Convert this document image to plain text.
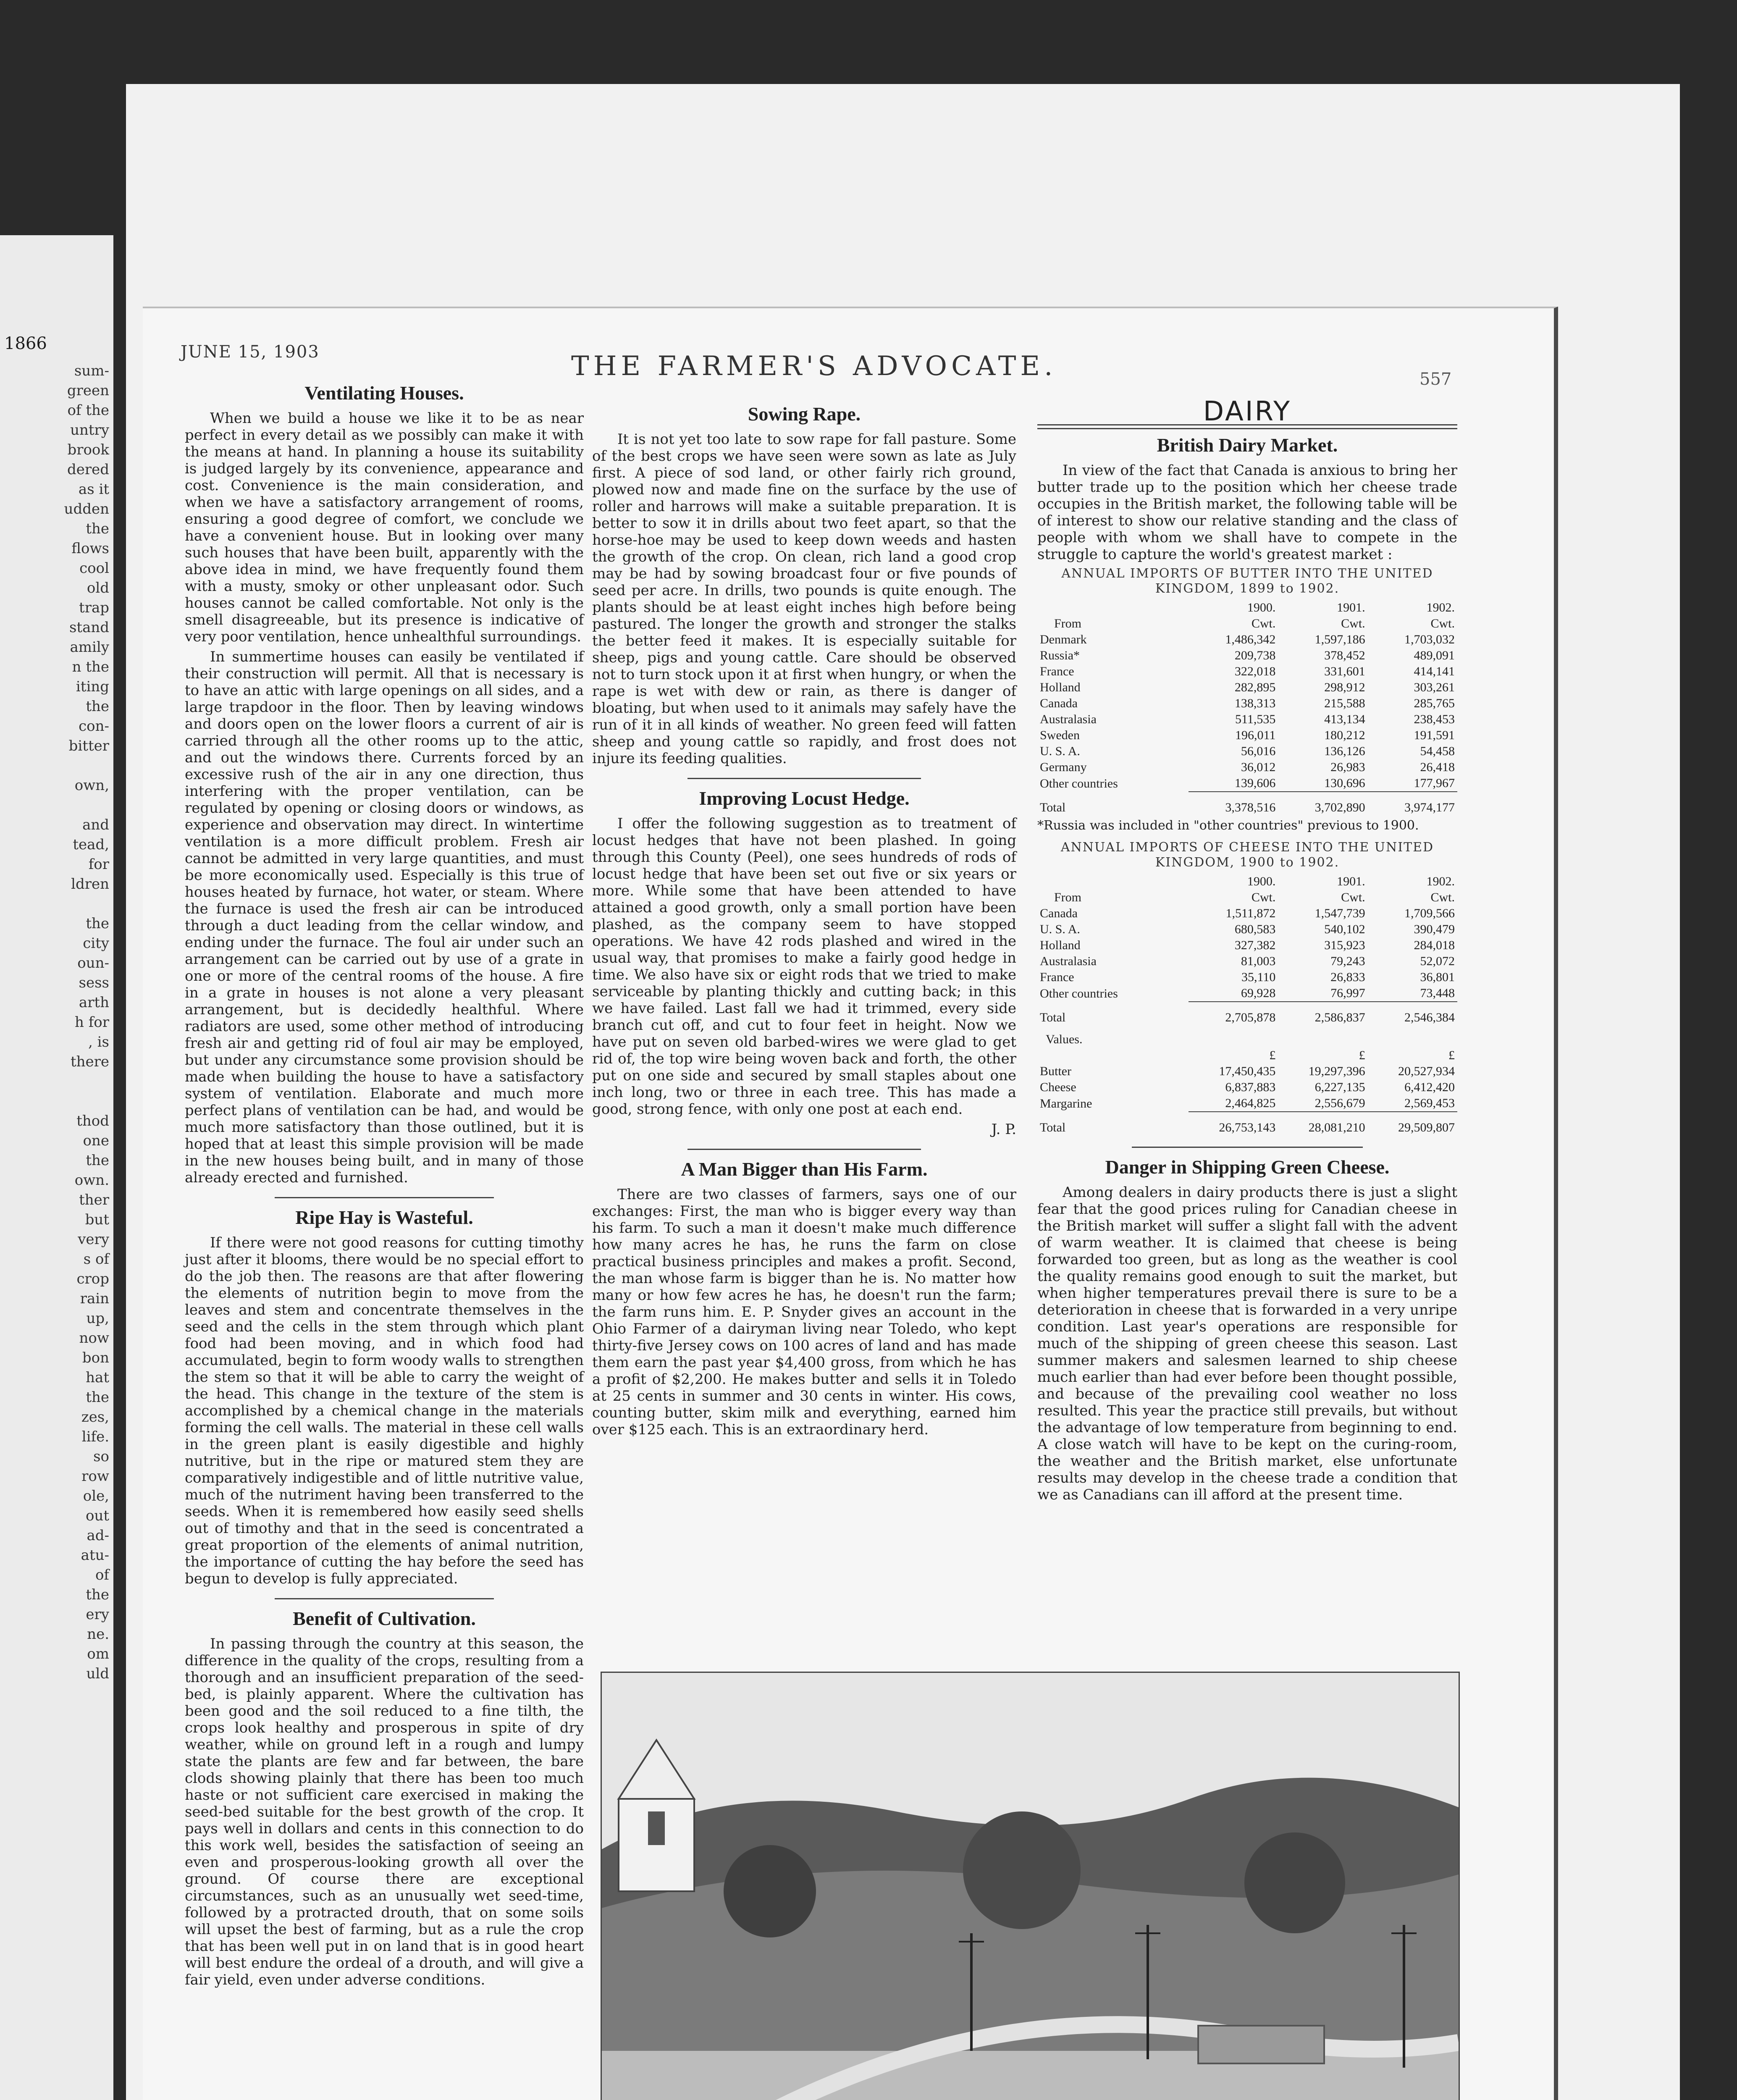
1866
sum-
green
of the
untry
brook
dered
as it
udden
the
flows
cool
old
trap
stand
amily
n the
iting
the
con-
bitter
own,
and
tead,
for
ldren
the
city
oun-
sess
arth
h for
, is
there
thod
one
the
own.
ther
but
very
s of
crop
rain
up,
now
bon
hat
the
zes,
life.
so
row
ole,
out
ad-
atu-
of
the
ery
ne.
om
uld
JUNE 15, 1903	THE FARMER'S ADVOCATE.	557
Ventilating Houses.

When we build a house we like it to be as near perfect in every detail as we possibly can make it with the means at hand. In planning a house its suitability is judged largely by its convenience, appearance and cost. Convenience is the main consideration, and when we have a satisfactory arrangement of rooms, ensuring a good degree of comfort, we conclude we have a convenient house. But in looking over many such houses that have been built, apparently with the above idea in mind, we have frequently found them with a musty, smoky or other unpleasant odor. Such houses cannot be called comfortable. Not only is the smell disagreeable, but its presence is indicative of very poor ventilation, hence unhealthful surroundings.

In summertime houses can easily be ventilated if their construction will permit. All that is necessary is to have an attic with large openings on all sides, and a large trapdoor in the floor. Then by leaving windows and doors open on the lower floors a current of air is carried through all the other rooms up to the attic, and out the windows there. Currents forced by an excessive rush of the air in any one direction, thus interfering with the proper ventilation, can be regulated by opening or closing doors or windows, as experience and observation may direct. In wintertime ventilation is a more difficult problem. Fresh air cannot be admitted in very large quantities, and must be more economically used. Especially is this true of houses heated by furnace, hot water, or steam. Where the furnace is used the fresh air can be introduced through a duct leading from the cellar window, and ending under the furnace. The foul air under such an arrangement can be carried out by use of a grate in one or more of the central rooms of the house. A fire in a grate in houses is not alone a very pleasant arrangement, but is decidedly healthful. Where radiators are used, some other method of introducing fresh air and getting rid of foul air may be employed, but under any circumstance some provision should be made when building the house to have a satisfactory system of ventilation. Elaborate and much more perfect plans of ventilation can be had, and would be much more satisfactory than those outlined, but it is hoped that at least this simple provision will be made in the new houses being built, and in many of those already erected and furnished.

Ripe Hay is Wasteful.

If there were not good reasons for cutting timothy just after it blooms, there would be no special effort to do the job then. The reasons are that after flowering the elements of nutrition begin to move from the leaves and stem and concentrate themselves in the seed and the cells in the stem through which plant food had been moving, and in which food had accumulated, begin to form woody walls to strengthen the stem so that it will be able to carry the weight of the head. This change in the texture of the stem is accomplished by a chemical change in the materials forming the cell walls. The material in these cell walls in the green plant is easily digestible and highly nutritive, but in the ripe or matured stem they are comparatively indigestible and of little nutritive value, much of the nutriment having been transferred to the seeds. When it is remembered how easily seed shells out of timothy and that in the seed is concentrated a great proportion of the elements of animal nutrition, the importance of cutting the hay before the seed has begun to develop is fully appreciated.

Benefit of Cultivation.

In passing through the country at this season, the difference in the quality of the crops, resulting from a thorough and an insufficient preparation of the seed-bed, is plainly apparent. Where the cultivation has been good and the soil reduced to a fine tilth, the crops look healthy and prosperous in spite of dry weather, while on ground left in a rough and lumpy state the plants are few and far between, the bare clods showing plainly that there has been too much haste or not sufficient care exercised in making the seed-bed suitable for the best growth of the crop. It pays well in dollars and cents in this connection to do this work well, besides the satisfaction of seeing an even and prosperous-looking growth all over the ground. Of course there are exceptional circumstances, such as an unusually wet seed-time, followed by a protracted drouth, that on some soils will upset the best of farming, but as a rule the crop that has been well put in on land that is in good heart will best endure the ordeal of a drouth, and will give a fair yield, even under adverse conditions.

Sowing Rape.

It is not yet too late to sow rape for fall pasture. Some of the best crops we have seen were sown as late as July first. A piece of sod land, or other fairly rich ground, plowed now and made fine on the surface by the use of roller and harrows will make a suitable preparation. It is better to sow it in drills about two feet apart, so that the horse-hoe may be used to keep down weeds and hasten the growth of the crop. On clean, rich land a good crop may be had by sowing broadcast four or five pounds of seed per acre. In drills, two pounds is quite enough. The plants should be at least eight inches high before being pastured. The longer the growth and stronger the stalks the better feed it makes. It is especially suitable for sheep, pigs and young cattle. Care should be observed not to turn stock upon it at first when hungry, or when the rape is wet with dew or rain, as there is danger of bloating, but when used to it animals may safely have the run of it in all kinds of weather. No green feed will fatten sheep and young cattle so rapidly, and frost does not injure its feeding qualities.

Improving Locust Hedge.

I offer the following suggestion as to treatment of locust hedges that have not been plashed. In going through this County (Peel), one sees hundreds of rods of locust hedge that have been set out five or six years or more. While some that have been attended to have attained a good growth, only a small portion have been plashed, as the company seem to have stopped operations. We have 42 rods plashed and wired in the usual way, that promises to make a fairly good hedge in time. We also have six or eight rods that we tried to make serviceable by planting thickly and cutting back; in this we have failed. Last fall we had it trimmed, every side branch cut off, and cut to four feet in height. Now we have put on seven old barbed-wires we were glad to get rid of, the top wire being woven back and forth, the other put on one side and secured by small staples about one inch long, two or three in each tree. This has made a good, strong fence, with only one post at each end.

J. P.
A Man Bigger than His Farm.

There are two classes of farmers, says one of our exchanges: First, the man who is bigger every way than his farm. To such a man it doesn't make much difference how many acres he has, he runs the farm on close practical business principles and makes a profit. Second, the man whose farm is bigger than he is. No matter how many or how few acres he has, he doesn't run the farm; the farm runs him. E. P. Snyder gives an account in the Ohio Farmer of a dairyman living near Toledo, who kept thirty-five Jersey cows on 100 acres of land and has made them earn the past year $4,400 gross, from which he has a profit of $2,200. He makes butter and sells it in Toledo at 25 cents in summer and 30 cents in winter. His cows, counting butter, skim milk and everything, earned him over $125 each. This is an extraordinary herd.

DAIRY
British Dairy Market.

In view of the fact that Canada is anxious to bring her butter trade up to the position which her cheese trade occupies in the British market, the following table will be of interest to show our relative standing and the class of people with whom we shall have to compete in the struggle to capture the world's greatest market :

ANNUAL IMPORTS OF BUTTER INTO THE UNITED KINGDOM, 1899 to 1902.
	1900.	1901.	1902.
From	Cwt.	Cwt.	Cwt.
Denmark	1,486,342	1,597,186	1,703,032
Russia*	209,738	378,452	489,091
France	322,018	331,601	414,141
Holland	282,895	298,912	303,261
Canada	138,313	215,588	285,765
Australasia	511,535	413,134	238,453
Sweden	196,011	180,212	191,591
U. S. A.	56,016	136,126	54,458
Germany	36,012	26,983	26,418
Other countries	139,606	130,696	177,967
Total	3,378,516	3,702,890	3,974,177
*Russia was included in "other countries" previous to 1900.
ANNUAL IMPORTS OF CHEESE INTO THE UNITED KINGDOM, 1900 to 1902.
	1900.	1901.	1902.
From	Cwt.	Cwt.	Cwt.
Canada	1,511,872	1,547,739	1,709,566
U. S. A.	680,583	540,102	390,479
Holland	327,382	315,923	284,018
Australasia	81,003	79,243	52,072
France	35,110	26,833	36,801
Other countries	69,928	76,997	73,448
Total	2,705,878	2,586,837	2,546,384
Values.			
	£	£	£
Butter	17,450,435	19,297,396	20,527,934
Cheese	6,837,883	6,227,135	6,412,420
Margarine	2,464,825	2,556,679	2,569,453
Total	26,753,143	28,081,210	29,509,807
Danger in Shipping Green Cheese.

Among dealers in dairy products there is just a slight fear that the good prices ruling for Canadian cheese in the British market will suffer a slight fall with the advent of warm weather. It is claimed that cheese is being forwarded too green, but as long as the weather is cool the quality remains good enough to suit the market, but when higher temperatures prevail there is sure to be a deterioration in cheese that is forwarded in a very unripe condition. Last year's operations are responsible for much of the shipping of green cheese this season. Last summer makers and salesmen learned to ship cheese much earlier than had ever before been thought possible, and because of the prevailing cool weather no loss resulted. This year the practice still prevails, but without the advantage of low temperature from beginning to end. A close watch will have to be kept on the curing-room, the weather and the British market, else unfortunate results may develop in the cheese trade a condition that we as Canadians can ill afford at the present time.
